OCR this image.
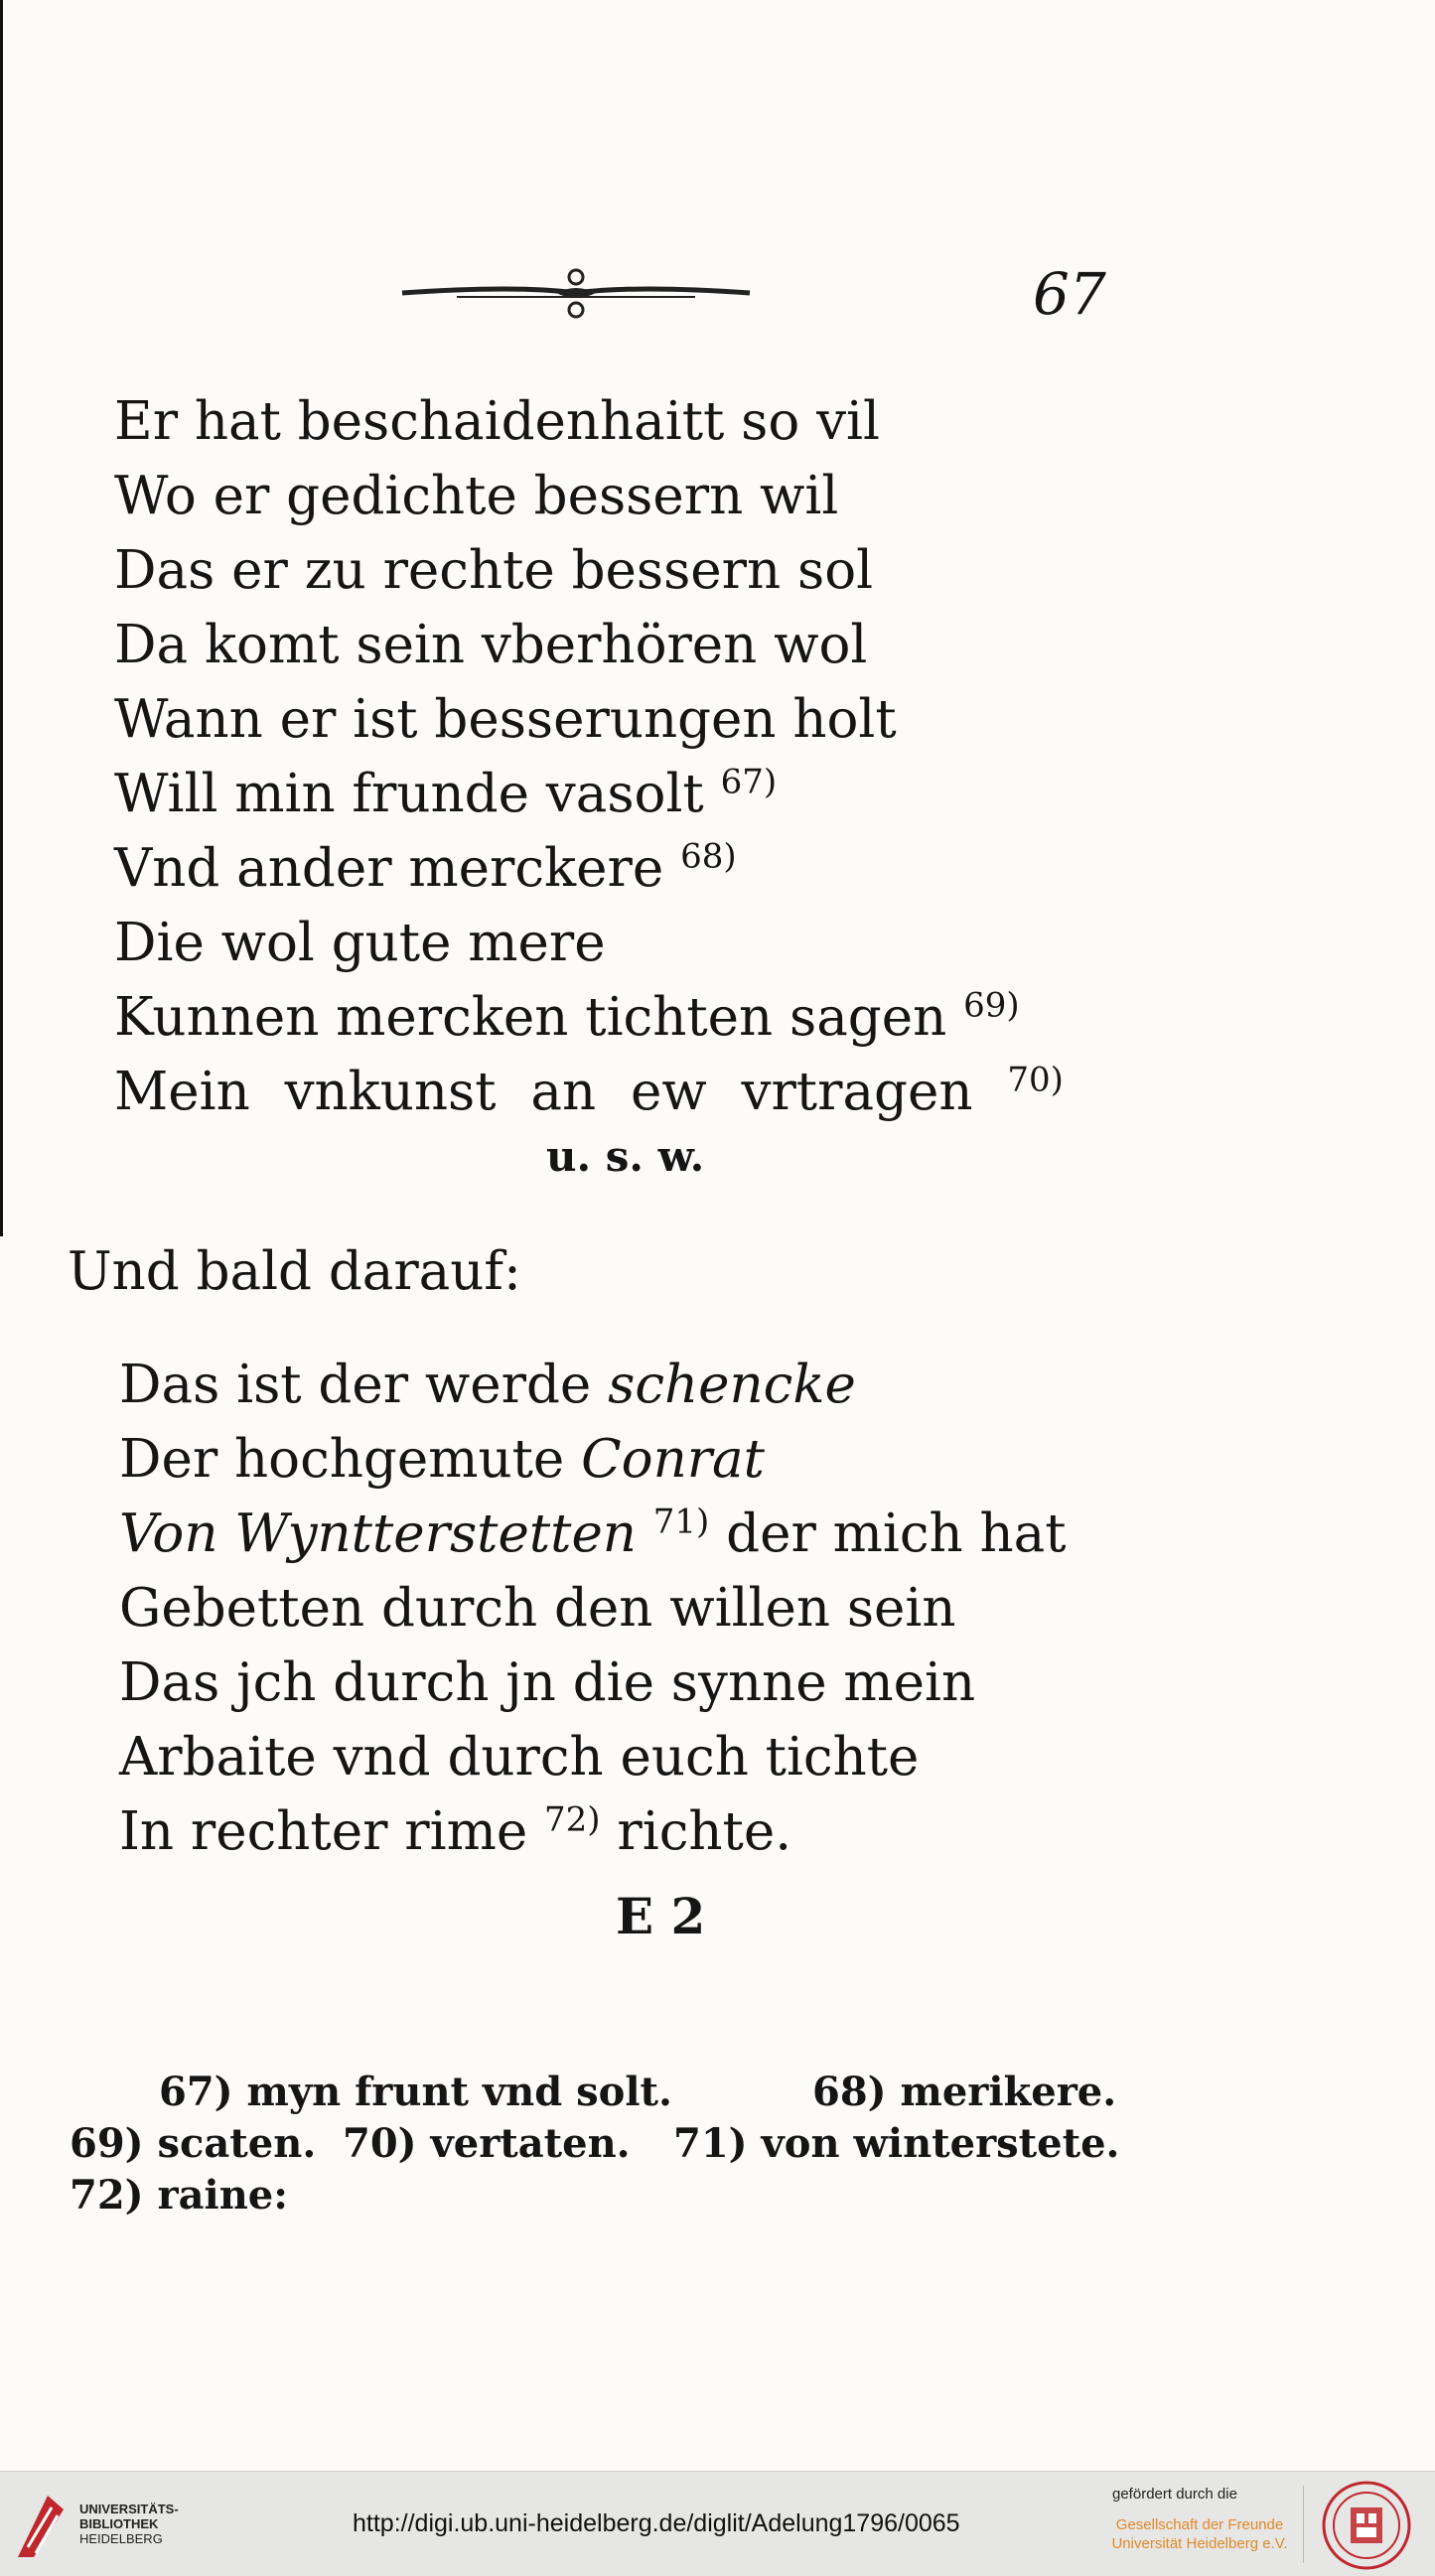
67
Er hat beschaidenhaitt so vil
Wo er gedichte bessern wil
Das er zu rechte bessern sol
Da komt sein vberhören wol
Wann er ist besserungen holt
Will min frunde vasolt $^{67)}$
Vnd ander merckere $^{68)}$
Die wol gute mere
Kunnen mercken tichten sagen $^{69)}$
Mein vnkunst an ew vrtragen $^{70)}$
u. s. w.
Und bald darauf:
Das ist der werde schencke
Der hochgemute Conrat
Von Wyntterstetten $^{71)}$ der mich hat
Gebetten durch den willen sein
Das jch durch jn die synne mein
Arbaite vnd durch euch tichte
In rechter rime $^{72)}$ richte.
E 2
67) myn frunt vnd solt.	68) merikere.
69) scaten. 70) vertaten. 71) von winterstete.
72) raine:
UNIVERSITÄTS-
BIBLIOTHEK
HEIDELBERG
http://digi.ub.uni-heidelberg.de/diglit/Adelung1796/0065
gefördert durch die
Gesellschaft der Freunde
Universität Heidelberg e.V.
